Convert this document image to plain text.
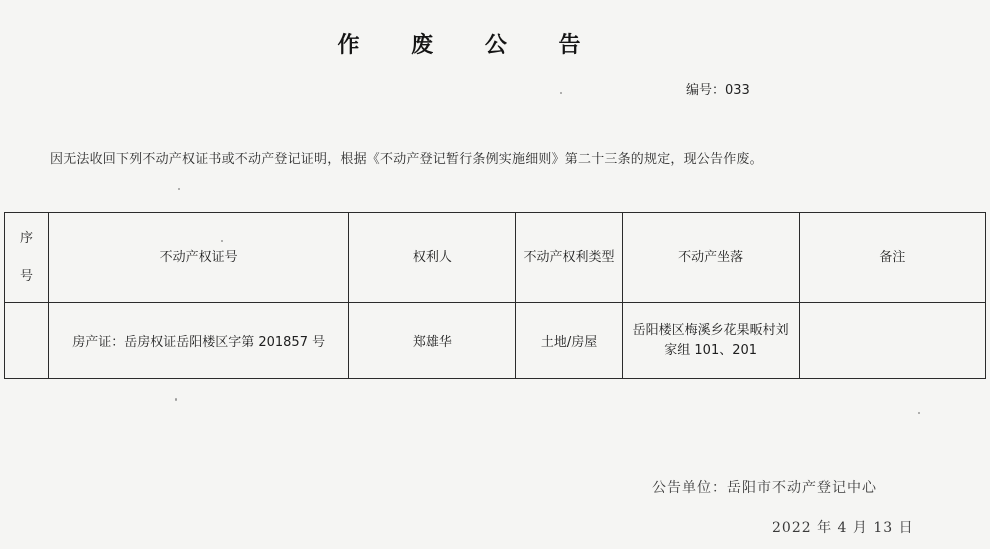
作 废 公 告
编号：033
因无法收回下列不动产权证书或不动产登记证明，根据《不动产登记暂行条例实施细则》第二十三条的规定，现公告作废。
序号	不动产权证号	权利人	不动产权利类型	不动产坐落	备注
	房产证：岳房权证岳阳楼区字第 201857 号	郑雄华	土地/房屋	岳阳楼区梅溪乡花果畈村刘家组 101、201	
公告单位：岳阳市不动产登记中心
2022 年 4 月 13 日
